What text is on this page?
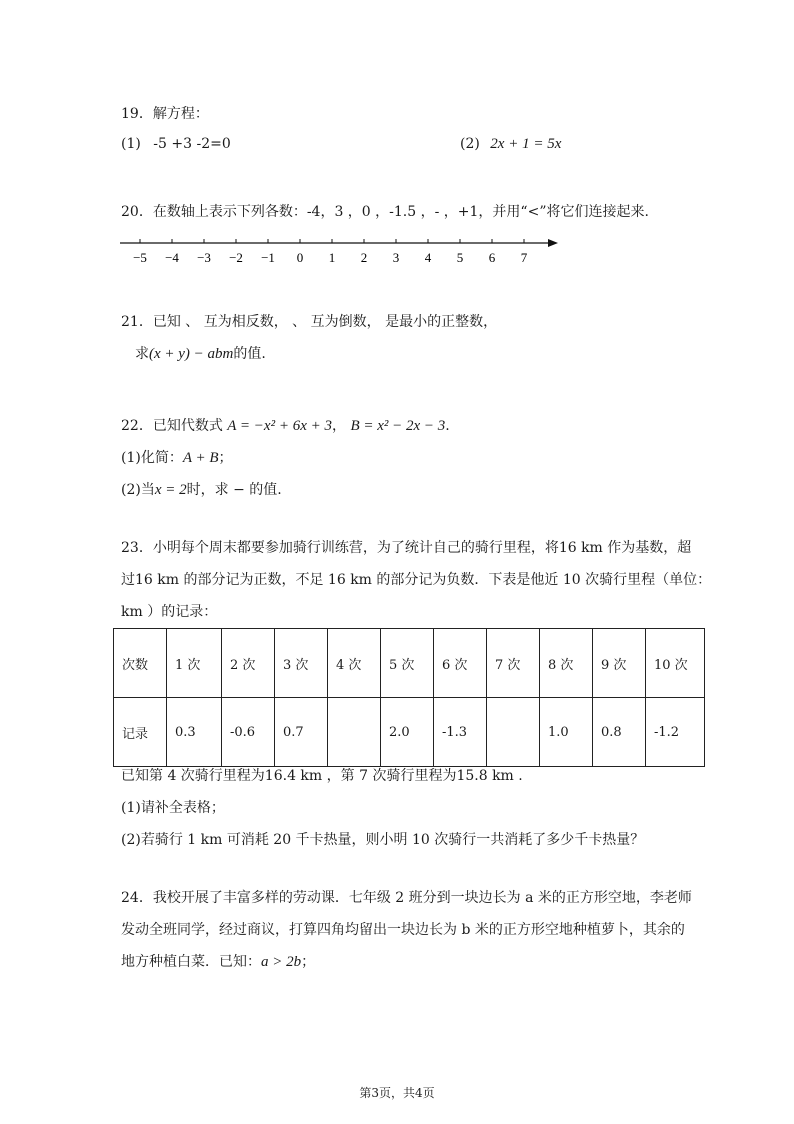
19．解方程：
(1) -5 +3 -2=0	(2) 2x + 1 = 5x
20．在数轴上表示下列各数：-4，3 ，0 ，-1.5 ，- ，+1，并用“<”将它们连接起来.
−5 −4 −3 −2 −1 0 1 2 3 4 5 6 7
21．已知 、 互为相反数， 、 互为倒数， 是最小的正整数，
求(x + y) − abm的值.
22．已知代数式 A = −x² + 6x + 3， B = x² − 2x − 3.
(1)化简：A + B；
(2)当x = 2时，求 − 的值.
23．小明每个周末都要参加骑行训练营，为了统计自己的骑行里程，将16 km 作为基数，超
过16 km 的部分记为正数，不足 16 km 的部分记为负数．下表是他近 10 次骑行里程（单位：
km ）的记录：
次数	1 次	2 次	3 次	4 次	5 次	6 次	7 次	8 次	9 次	10 次
记录	0.3	-0.6	0.7		2.0	-1.3		1.0	0.8	-1.2
已知第 4 次骑行里程为16.4 km ，第 7 次骑行里程为15.8 km .
(1)请补全表格；
(2)若骑行 1 km 可消耗 20 千卡热量，则小明 10 次骑行一共消耗了多少千卡热量？
24．我校开展了丰富多样的劳动课．七年级 2 班分到一块边长为 a 米的正方形空地，李老师
发动全班同学，经过商议，打算四角均留出一块边长为 b 米的正方形空地种植萝卜，其余的
地方种植白菜．已知：a > 2b；
第3页，共4页
